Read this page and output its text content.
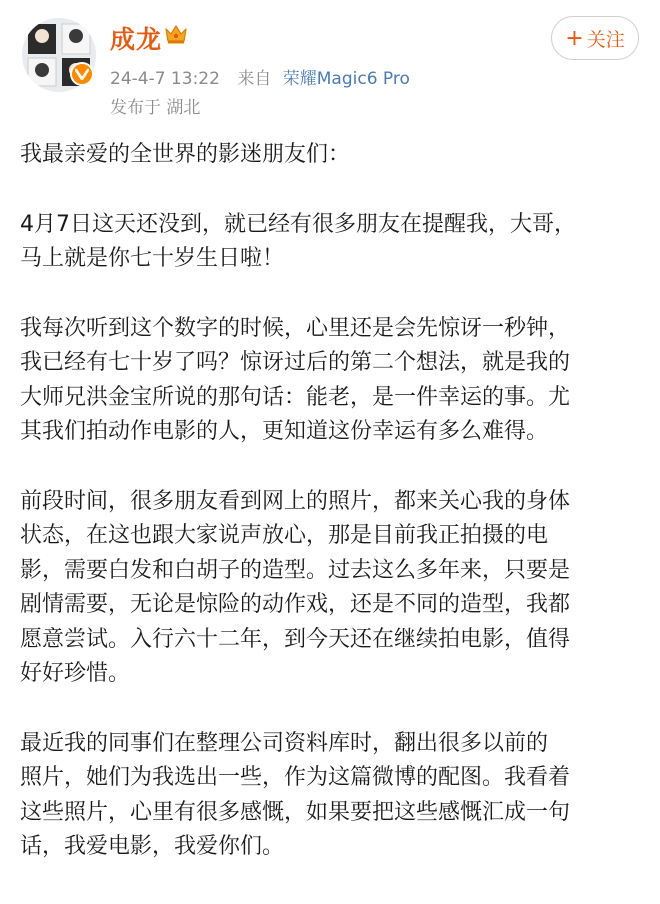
成龙
24-4-7 13:22 来自 荣耀Magic6 Pro
发布于 湖北
+ 关注

我最亲爱的全世界的影迷朋友们：

4月7日这天还没到，就已经有很多朋友在提醒我，大哥，
马上就是你七十岁生日啦！

我每次听到这个数字的时候，心里还是会先惊讶一秒钟，
我已经有七十岁了吗？惊讶过后的第二个想法，就是我的
大师兄洪金宝所说的那句话：能老，是一件幸运的事。尤
其我们拍动作电影的人，更知道这份幸运有多么难得。

前段时间，很多朋友看到网上的照片，都来关心我的身体
状态，在这也跟大家说声放心，那是目前我正拍摄的电
影，需要白发和白胡子的造型。过去这么多年来，只要是
剧情需要，无论是惊险的动作戏，还是不同的造型，我都
愿意尝试。入行六十二年，到今天还在继续拍电影，值得
好好珍惜。

最近我的同事们在整理公司资料库时，翻出很多以前的
照片，她们为我选出一些，作为这篇微博的配图。我看着
这些照片，心里有很多感慨，如果要把这些感慨汇成一句
话，我爱电影，我爱你们。
